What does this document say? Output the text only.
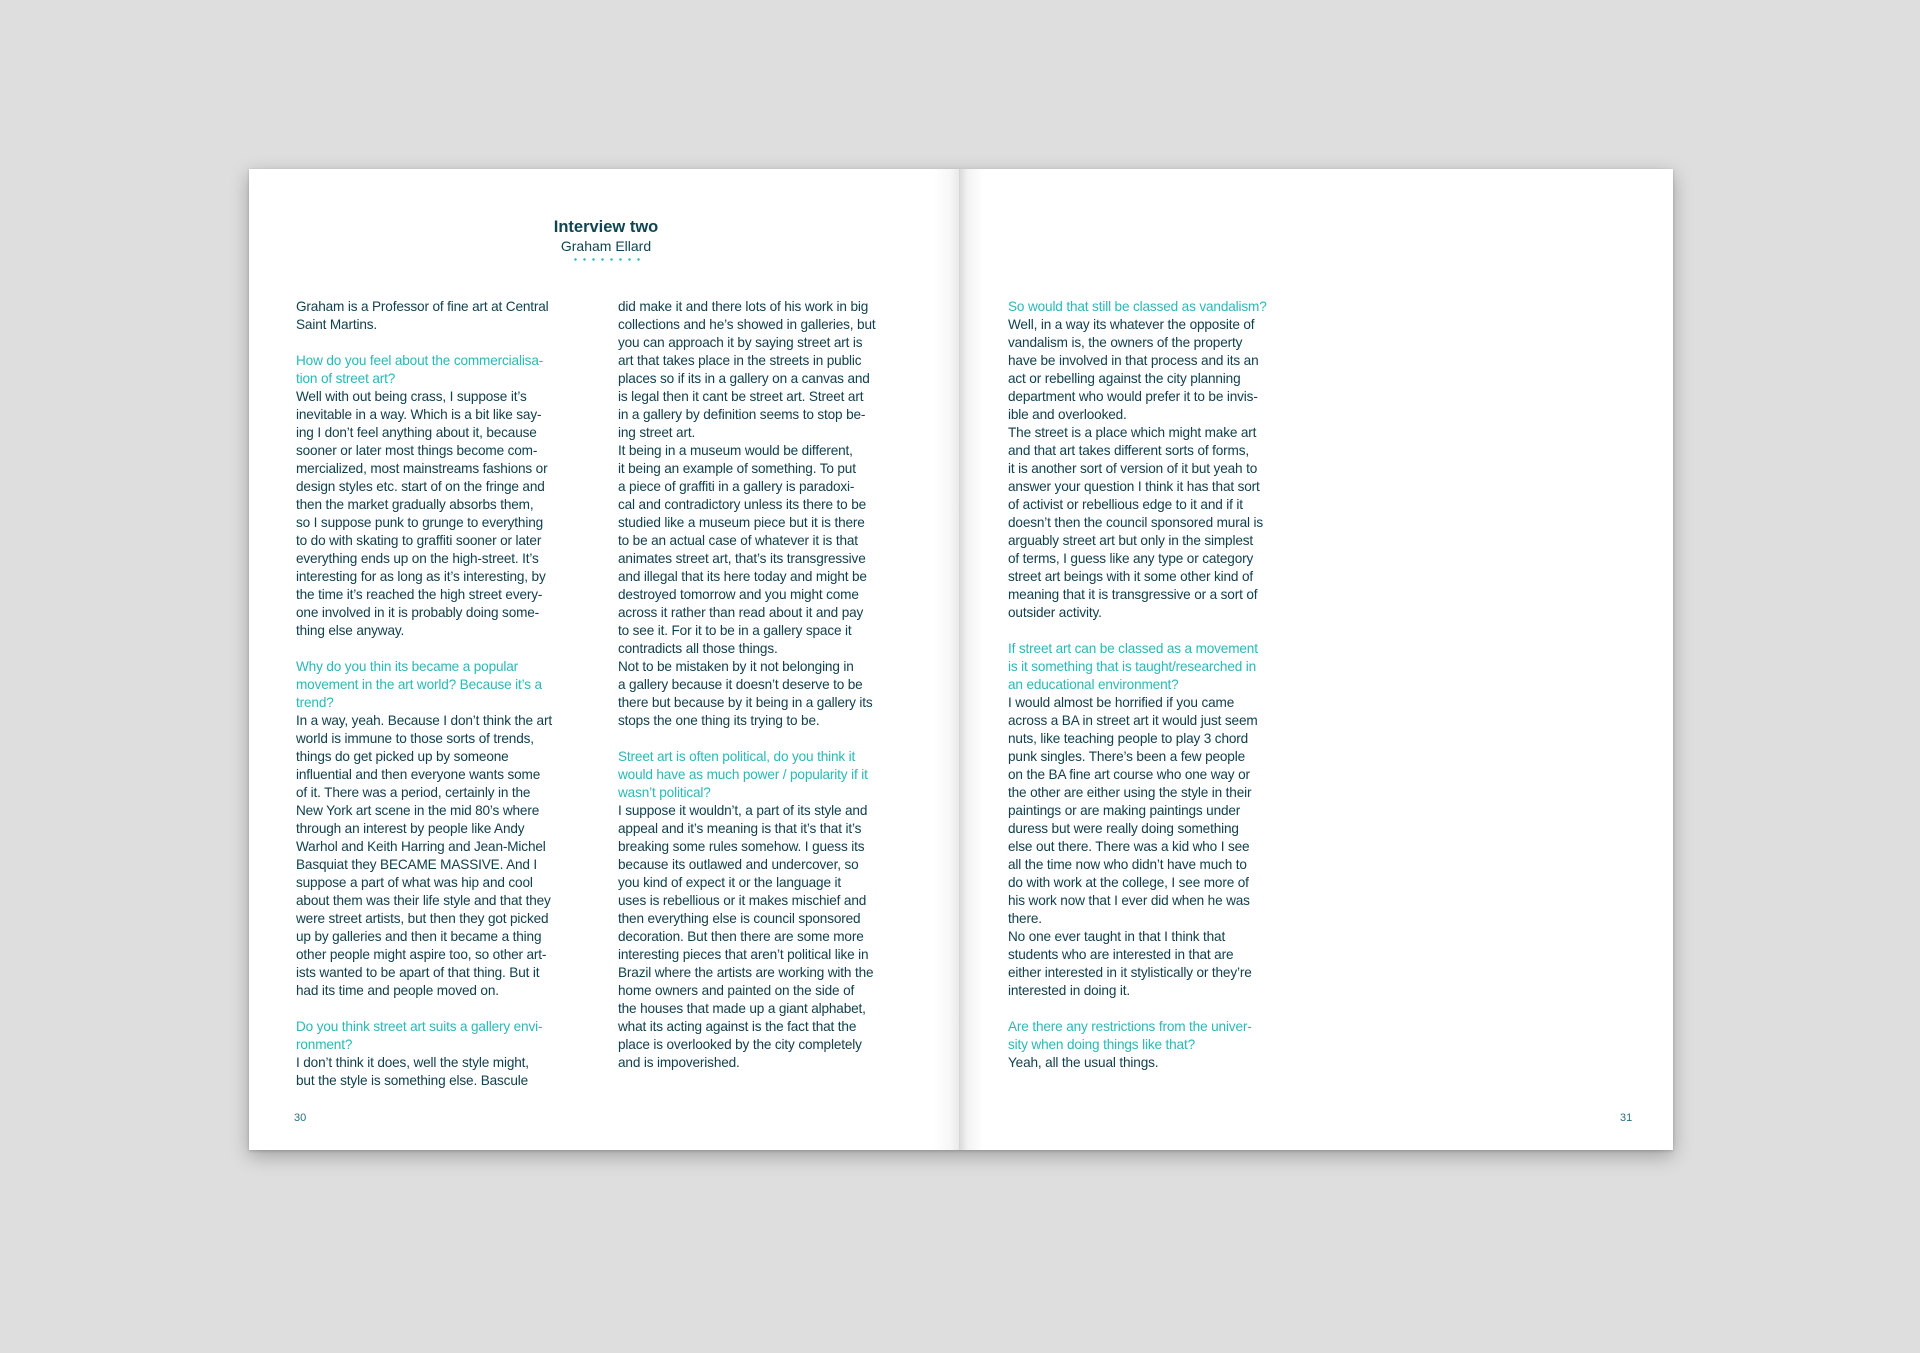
Interview two
Graham Ellard

Graham is a Professor of fine art at Central

Saint Martins.

How do you feel about the commercialisa-

tion of street art?

Well with out being crass, I suppose it’s

inevitable in a way. Which is a bit like say-

ing I don’t feel anything about it, because

sooner or later most things become com-

mercialized, most mainstreams fashions or

design styles etc. start of on the fringe and

then the market gradually absorbs them,

so I suppose punk to grunge to everything

to do with skating to graffiti sooner or later

everything ends up on the high-street. It’s

interesting for as long as it’s interesting, by

the time it’s reached the high street every-

one involved in it is probably doing some-

thing else anyway.

Why do you thin its became a popular

movement in the art world? Because it’s a

trend?

In a way, yeah. Because I don’t think the art

world is immune to those sorts of trends,

things do get picked up by someone

influential and then everyone wants some

of it. There was a period, certainly in the

New York art scene in the mid 80’s where

through an interest by people like Andy

Warhol and Keith Harring and Jean-Michel

Basquiat they BECAME MASSIVE. And I

suppose a part of what was hip and cool

about them was their life style and that they

were street artists, but then they got picked

up by galleries and then it became a thing

other people might aspire too, so other art-

ists wanted to be apart of that thing. But it

had its time and people moved on.

Do you think street art suits a gallery envi-

ronment?

I don’t think it does, well the style might,

but the style is something else. Bascule

did make it and there lots of his work in big

collections and he’s showed in galleries, but

you can approach it by saying street art is

art that takes place in the streets in public

places so if its in a gallery on a canvas and

is legal then it cant be street art. Street art

in a gallery by definition seems to stop be-

ing street art.

It being in a museum would be different,

it being an example of something. To put

a piece of graffiti in a gallery is paradoxi-

cal and contradictory unless its there to be

studied like a museum piece but it is there

to be an actual case of whatever it is that

animates street art, that’s its transgressive

and illegal that its here today and might be

destroyed tomorrow and you might come

across it rather than read about it and pay

to see it. For it to be in a gallery space it

contradicts all those things.

Not to be mistaken by it not belonging in

a gallery because it doesn’t deserve to be

there but because by it being in a gallery its

stops the one thing its trying to be.

Street art is often political, do you think it

would have as much power / popularity if it

wasn’t political?

I suppose it wouldn’t, a part of its style and

appeal and it’s meaning is that it’s that it’s

breaking some rules somehow. I guess its

because its outlawed and undercover, so

you kind of expect it or the language it

uses is rebellious or it makes mischief and

then everything else is council sponsored

decoration. But then there are some more

interesting pieces that aren’t political like in

Brazil where the artists are working with the

home owners and painted on the side of

the houses that made up a giant alphabet,

what its acting against is the fact that the

place is overlooked by the city completely

and is impoverished.

So would that still be classed as vandalism?

Well, in a way its whatever the opposite of

vandalism is, the owners of the property

have be involved in that process and its an

act or rebelling against the city planning

department who would prefer it to be invis-

ible and overlooked.

The street is a place which might make art

and that art takes different sorts of forms,

it is another sort of version of it but yeah to

answer your question I think it has that sort

of activist or rebellious edge to it and if it

doesn’t then the council sponsored mural is

arguably street art but only in the simplest

of terms, I guess like any type or category

street art beings with it some other kind of

meaning that it is transgressive or a sort of

outsider activity.

If street art can be classed as a movement

is it something that is taught/researched in

an educational environment?

I would almost be horrified if you came

across a BA in street art it would just seem

nuts, like teaching people to play 3 chord

punk singles. There’s been a few people

on the BA fine art course who one way or

the other are either using the style in their

paintings or are making paintings under

duress but were really doing something

else out there. There was a kid who I see

all the time now who didn’t have much to

do with work at the college, I see more of

his work now that I ever did when he was

there.

No one ever taught in that I think that

students who are interested in that are

either interested in it stylistically or they’re

interested in doing it.

Are there any restrictions from the univer-

sity when doing things like that?

Yeah, all the usual things.

30	31
